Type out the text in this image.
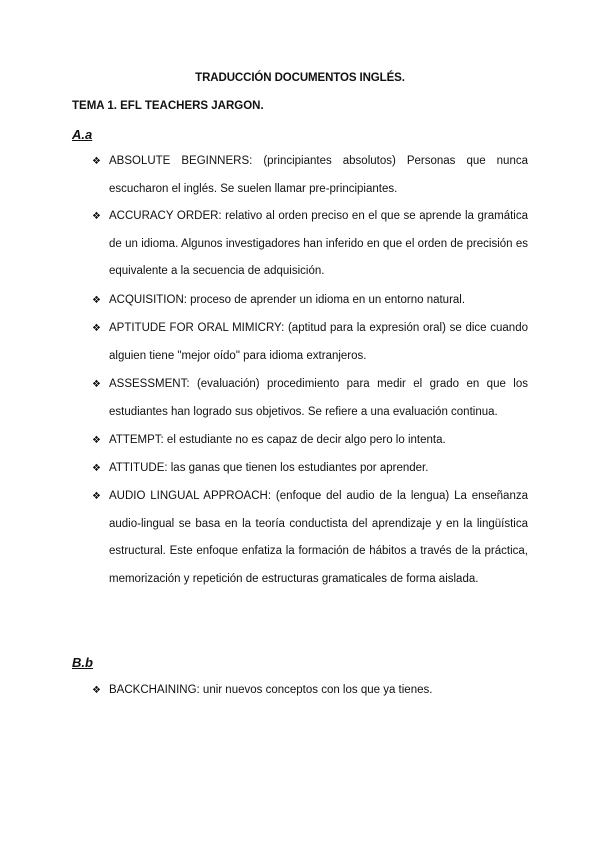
TRADUCCIÓN DOCUMENTOS INGLÉS.
TEMA 1. EFL TEACHERS JARGON.
A.a
❖ ABSOLUTE BEGINNERS: (principiantes absolutos) Personas que nunca escucharon el inglés. Se suelen llamar pre-principiantes.
❖ ACCURACY ORDER: relativo al orden preciso en el que se aprende la gramática de un idioma. Algunos investigadores han inferido en que el orden de precisión es equivalente a la secuencia de adquisición.
❖ ACQUISITION: proceso de aprender un idioma en un entorno natural.
❖ APTITUDE FOR ORAL MIMICRY: (aptitud para la expresión oral) se dice cuando alguien tiene "mejor oído" para idioma extranjeros.
❖ ASSESSMENT: (evaluación) procedimiento para medir el grado en que los estudiantes han logrado sus objetivos. Se refiere a una evaluación continua.
❖ ATTEMPT: el estudiante no es capaz de decir algo pero lo intenta.
❖ ATTITUDE: las ganas que tienen los estudiantes por aprender.
❖ AUDIO LINGUAL APPROACH: (enfoque del audio de la lengua) La enseñanza audio-lingual se basa en la teoría conductista del aprendizaje y en la lingüística estructural. Este enfoque enfatiza la formación de hábitos a través de la práctica, memorización y repetición de estructuras gramaticales de forma aislada.
B.b
❖ BACKCHAINING: unir nuevos conceptos con los que ya tienes.
